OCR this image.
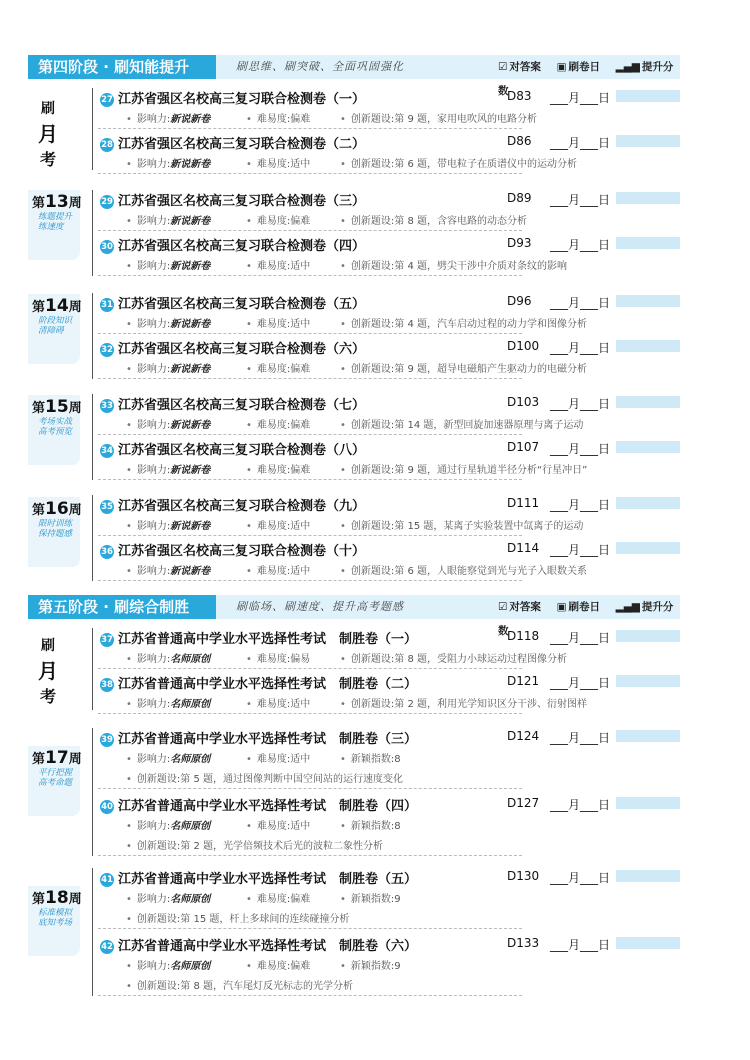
第四阶段 · 刷知能提升	刷思维、刷突破、全面巩固强化	☑ 对答案 ▣ 刷卷日 ▂▄▆ 提升分数
第五阶段 · 刷综合制胜	刷临场、刷速度、提升高考题感	☑ 对答案 ▣ 刷卷日 ▂▄▆ 提升分数
刷
月
考
刷
月
考
第13周
练题提升练速度
第14周
阶段知识清障碍
第15周
考场实战高考预览
第16周
限时训练保持题感
第17周
平行把握高考命题
第18周
标准模拟底知考场
27 江苏省强区名校高三复习联合检测卷（一）	D83 ___月___日
• 影响力:新说新卷	• 难易度:偏难	• 创新题设:第 9 题，家用电吹风的电路分析
28 江苏省强区名校高三复习联合检测卷（二）	D86 ___月___日
• 影响力:新说新卷	• 难易度:适中	• 创新题设:第 6 题，带电粒子在质谱仪中的运动分析
29 江苏省强区名校高三复习联合检测卷（三）	D89 ___月___日
• 影响力:新说新卷	• 难易度:偏难	• 创新题设:第 8 题，含容电路的动态分析
30 江苏省强区名校高三复习联合检测卷（四）	D93 ___月___日
• 影响力:新说新卷	• 难易度:适中	• 创新题设:第 4 题，劈尖干涉中介质对条纹的影响
31 江苏省强区名校高三复习联合检测卷（五）	D96 ___月___日
• 影响力:新说新卷	• 难易度:适中	• 创新题设:第 4 题，汽车启动过程的动力学和图像分析
32 江苏省强区名校高三复习联合检测卷（六）	D100 ___月___日
• 影响力:新说新卷	• 难易度:偏难	• 创新题设:第 9 题，超导电磁船产生驱动力的电磁分析
33 江苏省强区名校高三复习联合检测卷（七）	D103 ___月___日
• 影响力:新说新卷	• 难易度:偏难	• 创新题设:第 14 题，新型回旋加速器原理与离子运动
34 江苏省强区名校高三复习联合检测卷（八）	D107 ___月___日
• 影响力:新说新卷	• 难易度:偏难	• 创新题设:第 9 题，通过行星轨道半径分析“行星冲日”
35 江苏省强区名校高三复习联合检测卷（九）	D111 ___月___日
• 影响力:新说新卷	• 难易度:适中	• 创新题设:第 15 题，某离子实验装置中氙离子的运动
36 江苏省强区名校高三复习联合检测卷（十）	D114 ___月___日
• 影响力:新说新卷	• 难易度:适中	• 创新题设:第 6 题，人眼能察觉到光与光子入眼数关系
37 江苏省普通高中学业水平选择性考试　制胜卷（一）	D118 ___月___日
• 影响力:名师原创	• 难易度:偏易	• 创新题设:第 8 题，受阻力小球运动过程图像分析
38 江苏省普通高中学业水平选择性考试　制胜卷（二）	D121 ___月___日
• 影响力:名师原创	• 难易度:适中	• 创新题设:第 2 题，利用光学知识区分干涉、衍射图样
39 江苏省普通高中学业水平选择性考试　制胜卷（三）	D124 ___月___日
• 影响力:名师原创	• 难易度:适中	• 新颖指数:8
• 创新题设:第 5 题，通过图像判断中国空间站的运行速度变化
40 江苏省普通高中学业水平选择性考试　制胜卷（四）	D127 ___月___日
• 影响力:名师原创	• 难易度:适中	• 新颖指数:8
• 创新题设:第 2 题，光学倍频技术后光的波粒二象性分析
41 江苏省普通高中学业水平选择性考试　制胜卷（五）	D130 ___月___日
• 影响力:名师原创	• 难易度:偏难	• 新颖指数:9
• 创新题设:第 15 题，杆上多球间的连续碰撞分析
42 江苏省普通高中学业水平选择性考试　制胜卷（六）	D133 ___月___日
• 影响力:名师原创	• 难易度:偏难	• 新颖指数:9
• 创新题设:第 8 题，汽车尾灯反光标志的光学分析
